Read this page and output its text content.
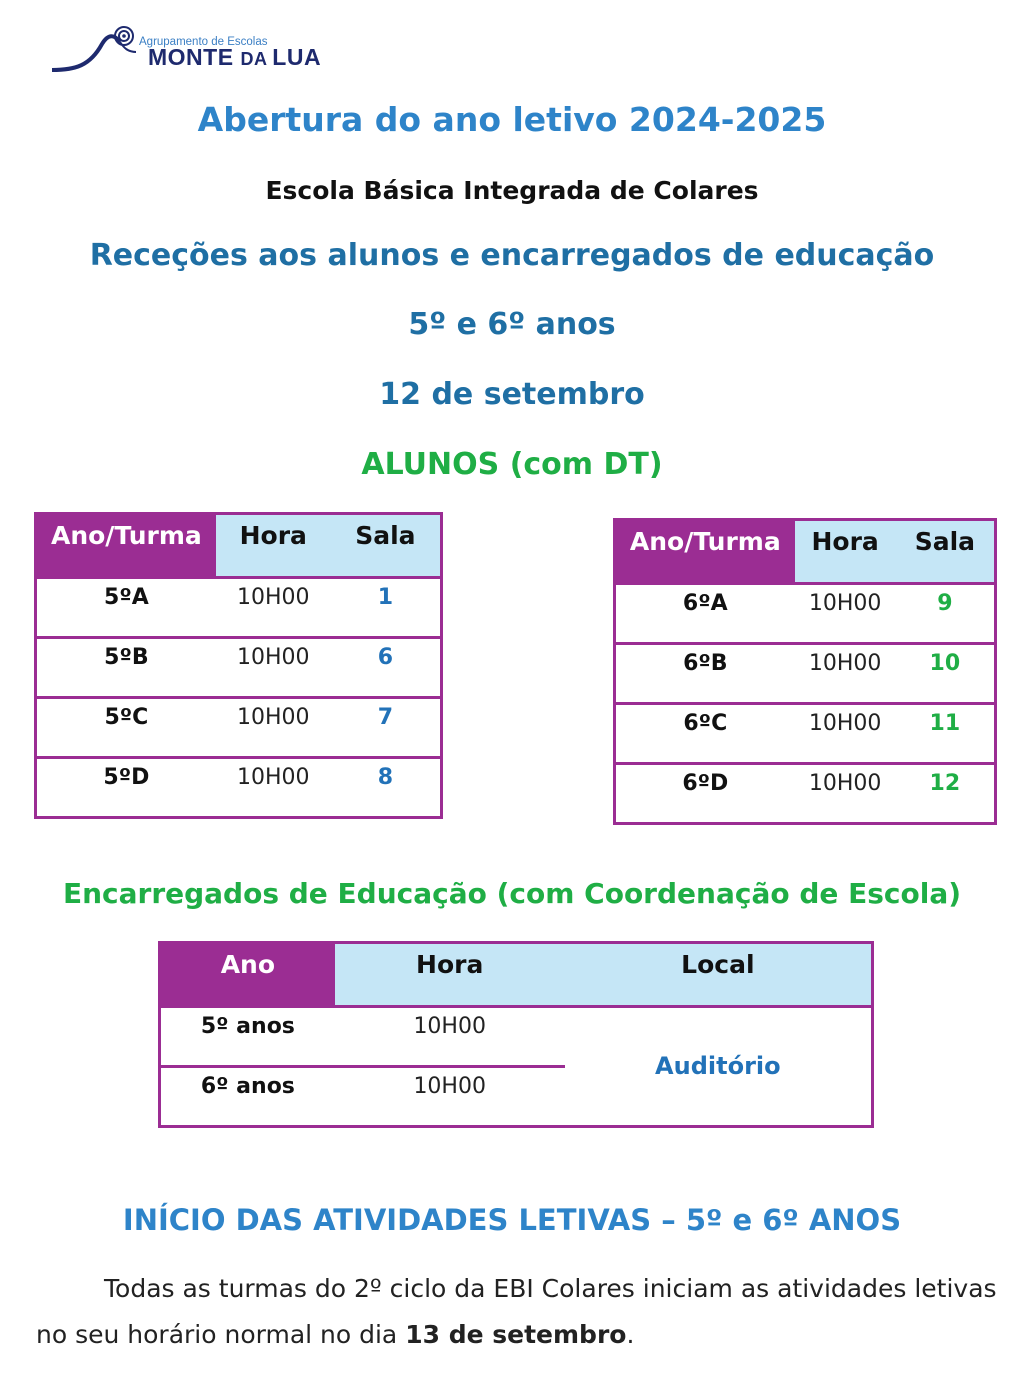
Agrupamento de Escolas
MONTE DA LUA
Abertura do ano letivo 2024-2025
Escola Básica Integrada de Colares
Receções aos alunos e encarregados de educação
5º e 6º anos
12 de setembro
ALUNOS (com DT)
Ano/Turma	Hora	Sala
5ºA	10H00	1
5ºB	10H00	6
5ºC	10H00	7
5ºD	10H00	8
Ano/Turma	Hora	Sala
6ºA	10H00	9
6ºB	10H00	10
6ºC	10H00	11
6ºD	10H00	12
Encarregados de Educação (com Coordenação de Escola)
Ano	Hora	Local
5º anos	10H00	Auditório
6º anos	10H00	
INÍCIO DAS ATIVIDADES LETIVAS – 5º e 6º ANOS
Todas as turmas do 2º ciclo da EBI Colares iniciam as atividades letivas no seu horário normal no dia 13 de setembro.
